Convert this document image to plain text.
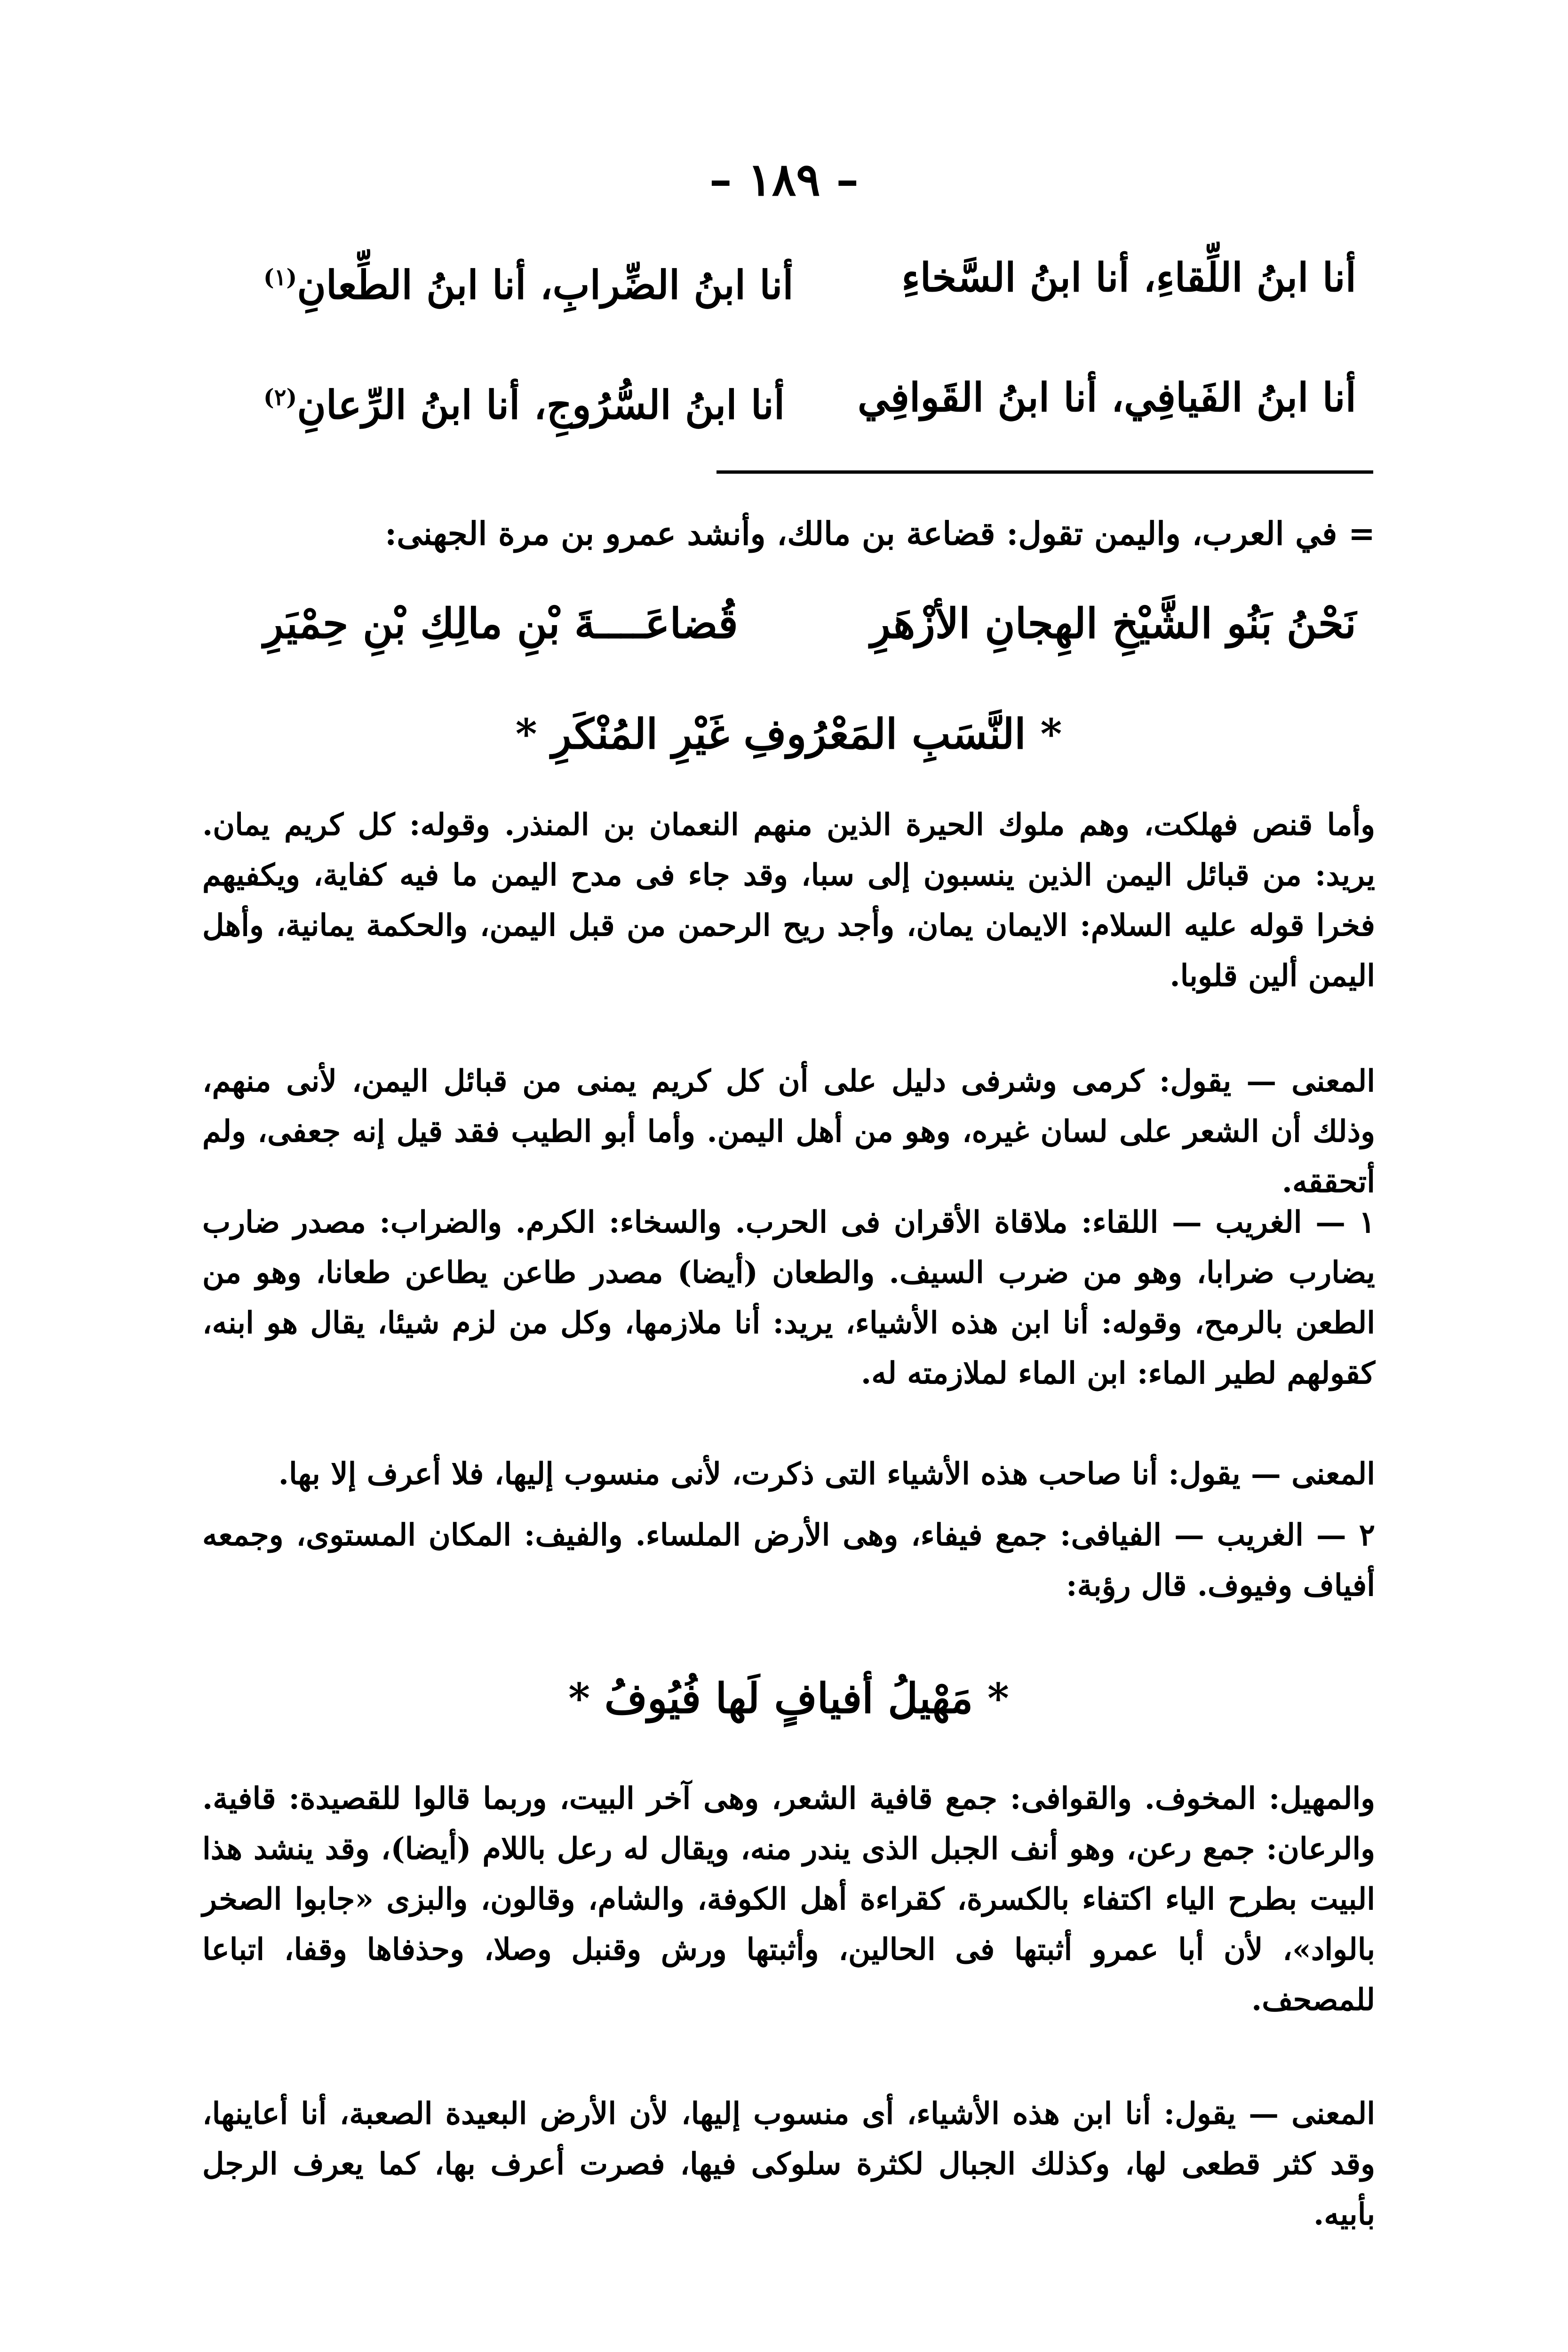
– ١٨٩ –
أنا ابنُ اللِّقاءِ، أنا ابنُ السَّخاءِ
أنا ابنُ الضِّرابِ، أنا ابنُ الطِّعانِ$^{(١)}$
أنا ابنُ الفَيافِي، أنا ابنُ القَوافِي
أنا ابنُ السُّرُوجِ، أنا ابنُ الرِّعانِ$^{(٢)}$
= في العرب، واليمن تقول: قضاعة بن مالك، وأنشد عمرو بن مرة الجهنى:
نَحْنُ بَنُو الشَّيْخِ الهِجانِ الأزْهَرِ
قُضاعَــــةَ بْنِ مالِكِ بْنِ حِمْيَرِ
* النَّسَبِ المَعْرُوفِ غَيْرِ المُنْكَرِ *
وأما قنص فهلكت، وهم ملوك الحيرة الذين منهم النعمان بن المنذر. وقوله: كل كريم يمان. يريد: من قبائل اليمن الذين ينسبون إلى سبا، وقد جاء فى مدح اليمن ما فيه كفاية، ويكفيهم فخرا قوله عليه السلام: الايمان يمان، وأجد ريح الرحمن من قبل اليمن، والحكمة يمانية، وأهل اليمن ألين قلوبا.
المعنى — يقول: كرمى وشرفى دليل على أن كل كريم يمنى من قبائل اليمن، لأنى منهم، وذلك أن الشعر على لسان غيره، وهو من أهل اليمن. وأما أبو الطيب فقد قيل إنه جعفى، ولم أتحققه.
١ — الغريب — اللقاء: ملاقاة الأقران فى الحرب. والسخاء: الكرم. والضراب: مصدر ضارب يضارب ضرابا، وهو من ضرب السيف. والطعان (أيضا) مصدر طاعن يطاعن طعانا، وهو من الطعن بالرمح، وقوله: أنا ابن هذه الأشياء، يريد: أنا ملازمها، وكل من لزم شيئا، يقال هو ابنه، كقولهم لطير الماء: ابن الماء لملازمته له.
المعنى — يقول: أنا صاحب هذه الأشياء التى ذكرت، لأنى منسوب إليها، فلا أعرف إلا بها.
٢ — الغريب — الفيافى: جمع فيفاء، وهى الأرض الملساء. والفيف: المكان المستوى، وجمعه أفياف وفيوف. قال رؤبة:
* مَهْيلُ أفيافٍ لَها فُيُوفُ *
والمهيل: المخوف. والقوافى: جمع قافية الشعر، وهى آخر البيت، وربما قالوا للقصيدة: قافية. والرعان: جمع رعن، وهو أنف الجبل الذى يندر منه، ويقال له رعل باللام (أيضا)، وقد ينشد هذا البيت بطرح الياء اكتفاء بالكسرة، كقراءة أهل الكوفة، والشام، وقالون، والبزى «جابوا الصخر بالواد»، لأن أبا عمرو أثبتها فى الحالين، وأثبتها ورش وقنبل وصلا، وحذفاها وقفا، اتباعا للمصحف.
المعنى — يقول: أنا ابن هذه الأشياء، أى منسوب إليها، لأن الأرض البعيدة الصعبة، أنا أعاينها، وقد كثر قطعى لها، وكذلك الجبال لكثرة سلوكى فيها، فصرت أعرف بها، كما يعرف الرجل بأبيه.
